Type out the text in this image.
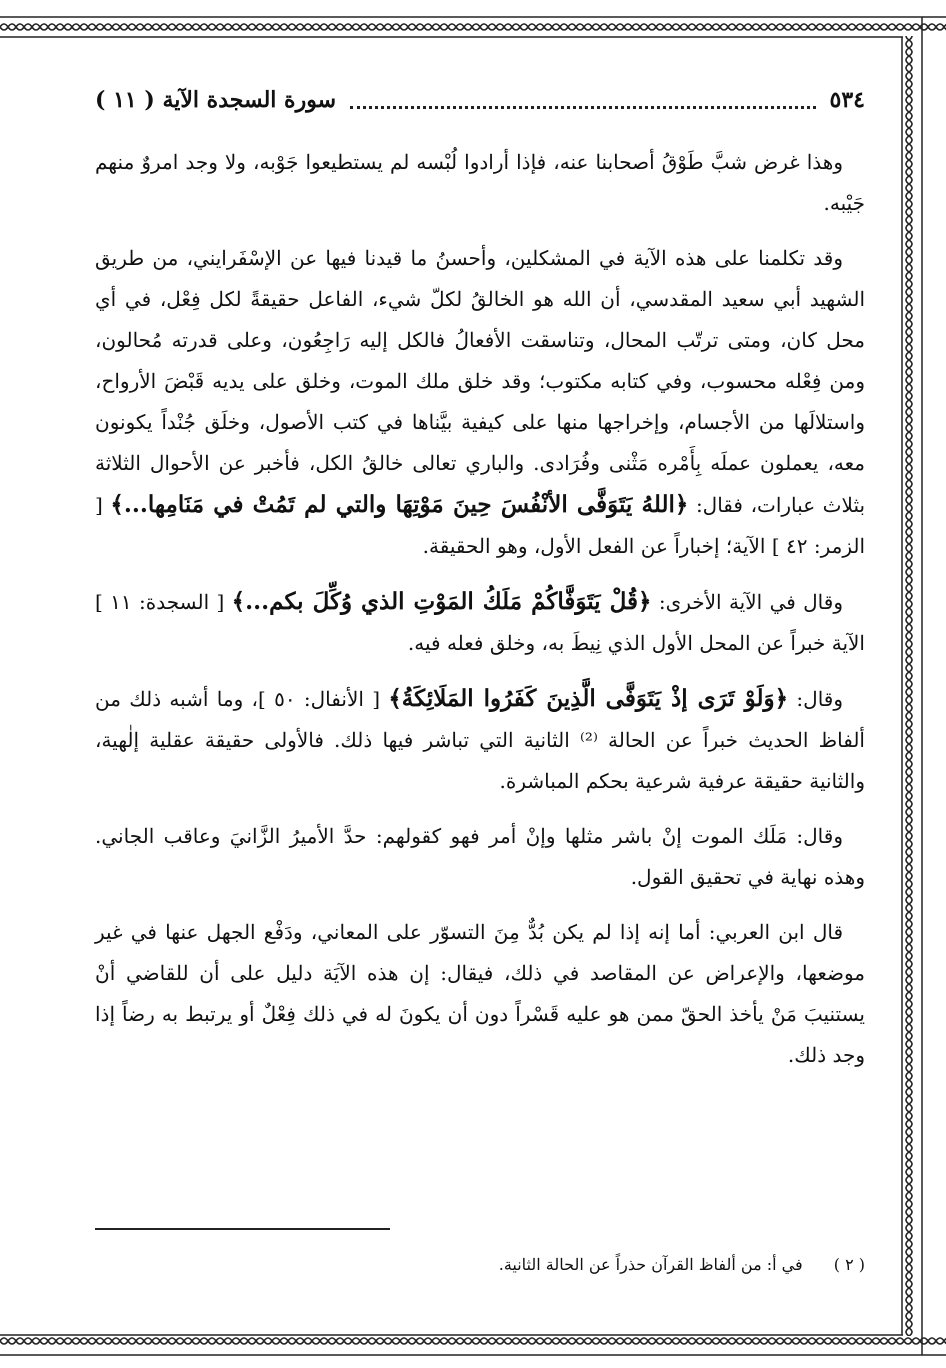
٥٣٤
سورة السجدة الآية ( ١١ )

وهذا غرض شبَّ طَوْقُ أصحابنا عنه، فإذا أرادوا لُبْسه لم يستطيعوا جَوْبه، ولا وجد امروٌ منهم جَيْبه.

وقد تكلمنا على هذه الآية في المشكلين، وأحسنُ ما قيدنا فيها عن الإسْفَرايني، من طريق الشهيد أبي سعيد المقدسي، أن الله هو الخالقُ لكلّ شيء، الفاعل حقيقةً لكل فِعْل، في أي محل كان، ومتى ترتّب المحال، وتناسقت الأفعالُ فالكل إليه رَاجِعُون، وعلى قدرته مُحالون، ومن فِعْله محسوب، وفي كتابه مكتوب؛ وقد خلق ملك الموت، وخلق على يديه قَبْضَ الأرواح، واستلالَها من الأجسام، وإخراجها منها على كيفية بيَّناها في كتب الأصول، وخلَق جُنْداً يكونون معه، يعملون عملَه بِأَمْره مَثْنى وفُرَادى. والباري تعالى خالقُ الكل، فأخبر عن الأحوال الثلاثة بثلاث عبارات، فقال: ﴿اللهُ يَتَوَفَّى الأنْفُسَ حِينَ مَوْتِهَا والتي لم تَمُتْ في مَنَامِها...﴾ [ الزمر: ٤٢ ] الآية؛ إخباراً عن الفعل الأول، وهو الحقيقة.

وقال في الآية الأخرى: ﴿قُلْ يَتَوَفَّاكُمْ مَلَكُ المَوْتِ الذي وُكِّلَ بكم...﴾ [ السجدة: ١١ ] الآية خبراً عن المحل الأول الذي نِيطَ به، وخلق فعله فيه.

وقال: ﴿وَلَوْ تَرَى إذْ يَتَوَفَّى الَّذِينَ كَفَرُوا المَلَائِكَةُ﴾ [ الأنفال: ٥٠ ]، وما أشبه ذلك من ألفاظ الحديث خبراً عن الحالة ⁽²⁾ الثانية التي تباشر فيها ذلك. فالأولى حقيقة عقلية إلٰهية، والثانية حقيقة عرفية شرعية بحكم المباشرة.

وقال: مَلَك الموت إنْ باشر مثلها وإنْ أمر فهو كقولهم: حدَّ الأميرُ الزَّانيَ وعاقب الجاني. وهذه نهاية في تحقيق القول.

قال ابن العربي: أما إنه إذا لم يكن بُدٌّ مِنَ التسوّر على المعاني، ودَفْع الجهل عنها في غير موضعها، والإعراض عن المقاصد في ذلك، فيقال: إن هذه الآيَة دليل على أن للقاضي أنْ يستنيبَ مَنْ يأخذ الحقّ ممن هو عليه قَسْراً دون أن يكونَ له في ذلك فِعْلٌ أو يرتبط به رضاً إذا وجد ذلك.

( ٢ ) في أ: من ألفاظ القرآن حذراً عن الحالة الثانية.
